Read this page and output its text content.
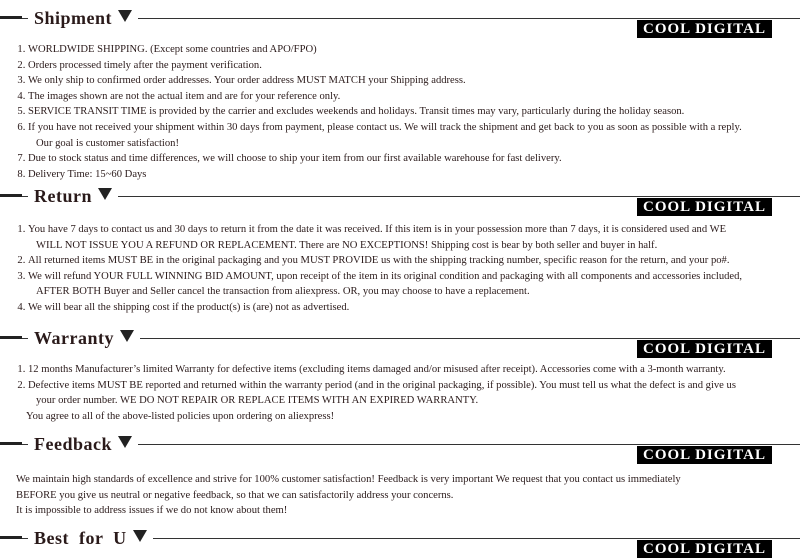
Shipment
COOL DIGITAL
1. WORLDWIDE SHIPPING. (Except some countries and APO/FPO)
2. Orders processed timely after the payment verification.
3. We only ship to confirmed order addresses. Your order address MUST MATCH your Shipping address.
4. The images shown are not the actual item and are for your reference only.
5. SERVICE TRANSIT TIME is provided by the carrier and excludes weekends and holidays. Transit times may vary, particularly during the holiday season.
6. If you have not received your shipment within 30 days from payment, please contact us. We will track the shipment and get back to you as soon as possible with a reply.
Our goal is customer satisfaction!
7. Due to stock status and time differences, we will choose to ship your item from our first available warehouse for fast delivery.
8. Delivery Time: 15~60 Days
Return
COOL DIGITAL
1. You have 7 days to contact us and 30 days to return it from the date it was received. If this item is in your possession more than 7 days, it is considered used and WE
WILL NOT ISSUE YOU A REFUND OR REPLACEMENT. There are NO EXCEPTIONS! Shipping cost is bear by both seller and buyer in half.
2. All returned items MUST BE in the original packaging and you MUST PROVIDE us with the shipping tracking number, specific reason for the return, and your po#.
3. We will refund YOUR FULL WINNING BID AMOUNT, upon receipt of the item in its original condition and packaging with all components and accessories included,
AFTER BOTH Buyer and Seller cancel the transaction from aliexpress. OR, you may choose to have a replacement.
4. We will bear all the shipping cost if the product(s) is (are) not as advertised.
Warranty
COOL DIGITAL
1. 12 months Manufacturer’s limited Warranty for defective items (excluding items damaged and/or misused after receipt). Accessories come with a 3-month warranty.
2. Defective items MUST BE reported and returned within the warranty period (and in the original packaging, if possible). You must tell us what the defect is and give us
your order number. WE DO NOT REPAIR OR REPLACE ITEMS WITH AN EXPIRED WARRANTY.

You agree to all of the above-listed policies upon ordering on aliexpress!

Feedback
COOL DIGITAL

We maintain high standards of excellence and strive for 100% customer satisfaction! Feedback is very important We request that you contact us immediately

BEFORE you give us neutral or negative feedback, so that we can satisfactorily address your concerns.

It is impossible to address issues if we do not know about them!

Best  for  U
COOL DIGITAL
